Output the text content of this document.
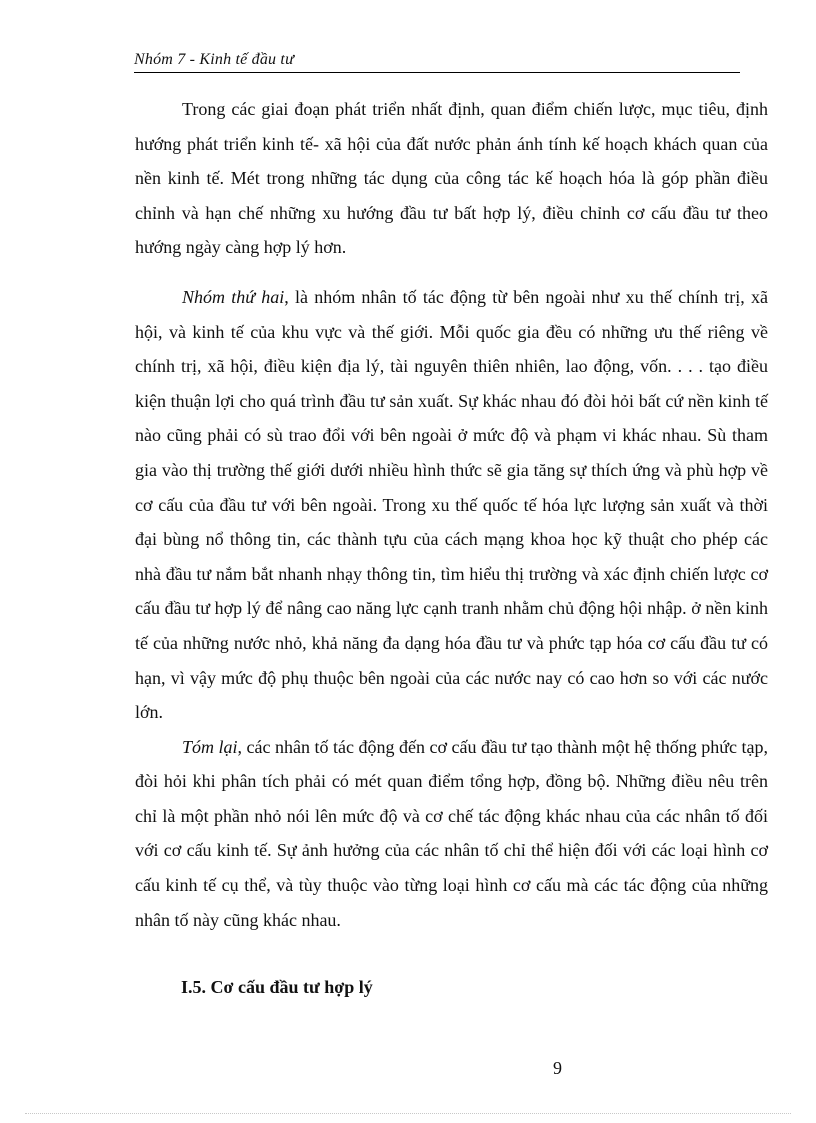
Nhóm 7 - Kinh tế đầu tư

Trong các giai đoạn phát triển nhất định, quan điểm chiến lược, mục tiêu, định hướng phát triển kinh tế- xã hội của đất nước phản ánh tính kế hoạch khách quan của nền kinh tế. Mét trong những tác dụng của công tác kế hoạch hóa là góp phần điều chỉnh và hạn chế những xu hướng đầu tư bất hợp lý, điều chỉnh cơ cấu đầu tư theo hướng ngày càng hợp lý hơn.

Nhóm thứ hai, là nhóm nhân tố tác động từ bên ngoài như xu thế chính trị, xã hội, và kinh tế của khu vực và thế giới. Mỗi quốc gia đều có những ưu thế riêng về chính trị, xã hội, điều kiện địa lý, tài nguyên thiên nhiên, lao động, vốn. . . . tạo điều kiện thuận lợi cho quá trình đầu tư sản xuất. Sự khác nhau đó đòi hỏi bất cứ nền kinh tế nào cũng phải có sù trao đổi với bên ngoài ở mức độ và phạm vi khác nhau. Sù tham gia vào thị trường thế giới dưới nhiều hình thức sẽ gia tăng sự thích ứng và phù hợp về cơ cấu của đầu tư với bên ngoài. Trong xu thế quốc tế hóa lực lượng sản xuất và thời đại bùng nổ thông tin, các thành tựu của cách mạng khoa học kỹ thuật cho phép các nhà đầu tư nắm bắt nhanh nhạy thông tin, tìm hiểu thị trường và xác định chiến lược cơ cấu đầu tư hợp lý để nâng cao năng lực cạnh tranh nhằm chủ động hội nhập. ở nền kinh tế của những nước nhỏ, khả năng đa dạng hóa đầu tư và phức tạp hóa cơ cấu đầu tư có hạn, vì vậy mức độ phụ thuộc bên ngoài của các nước nay có cao hơn so với các nước lớn.

Tóm lại, các nhân tố tác động đến cơ cấu đầu tư tạo thành một hệ thống phức tạp, đòi hỏi khi phân tích phải có mét quan điểm tổng hợp, đồng bộ. Những điều nêu trên chỉ là một phần nhỏ nói lên mức độ và cơ chế tác động khác nhau của các nhân tố đối với cơ cấu kinh tế. Sự ảnh hưởng của các nhân tố chỉ thể hiện đối với các loại hình cơ cấu kinh tế cụ thể, và tùy thuộc vào từng loại hình cơ cấu mà các tác động của những nhân tố này cũng khác nhau.

I.5. Cơ cấu đầu tư hợp lý
9
